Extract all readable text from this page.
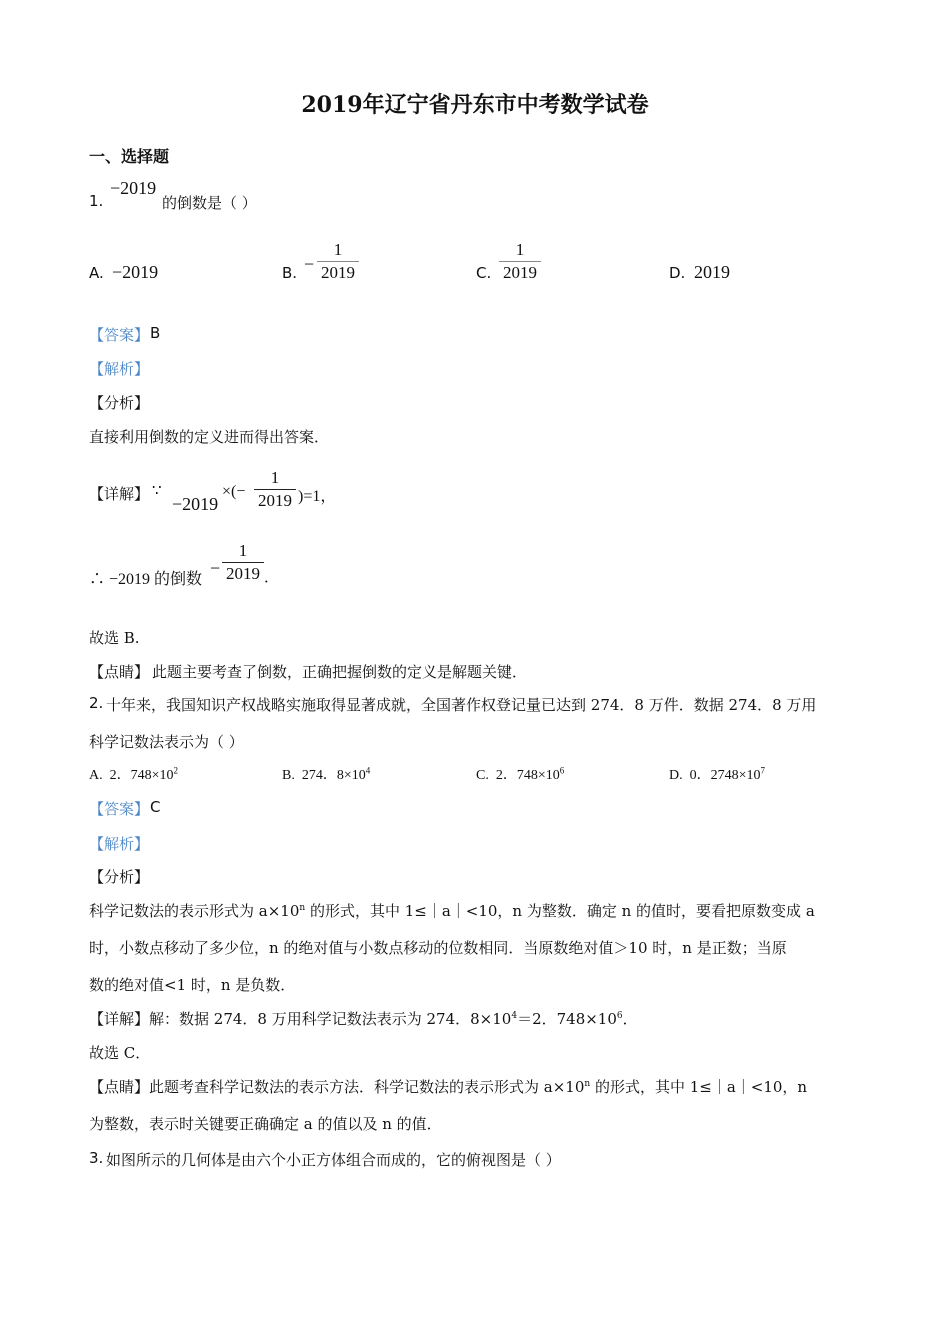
2019年辽宁省丹东市中考数学试卷
一、选择题
1.
−2019
的倒数是（ ）
A. −2019	B. −
1
2019	C.
1
2019	D. 2019
【答案】 B
【解析】
【分析】
直接利用倒数的定义进而得出答案．
【详解】 ∵
−2019
×(−
1
2019 )=1，
∴ −2019 的倒数
−
1
2019 ．
故选 B.
【点睛】 此题主要考查了倒数，正确把握倒数的定义是解题关键．
2. 十年来，我国知识产权战略实施取得显著成就，全国著作权登记量已达到 274．8 万件．数据 274．8 万用
科学记数法表示为（ ）
A. 2．$748\times 10^2$	B. 274．$8\times 10^4$	C. 2．$748\times 10^6$	D. 0．$2748\times 10^7$
【答案】 C
【解析】
【分析】
科学记数法的表示形式为 $a\times 10^n$ 的形式，其中 1≤｜a｜<10，n 为整数．确定 n 的值时，要看把原数变成 a
时，小数点移动了多少位，n 的绝对值与小数点移动的位数相同．当原数绝对值＞10 时，n 是正数；当原
数的绝对值<1 时，n 是负数．
【详解】解：数据 274．8 万用科学记数法表示为 274．$8\times 10^4=2$．$748\times 10^6$．
故选 C．
【点睛】此题考查科学记数法的表示方法．科学记数法的表示形式为 $a\times 10^n$ 的形式，其中 1≤｜a｜<10，n
为整数，表示时关键要正确确定 a 的值以及 n 的值．
3. 如图所示的几何体是由六个小正方体组合而成的，它的俯视图是（ ）
